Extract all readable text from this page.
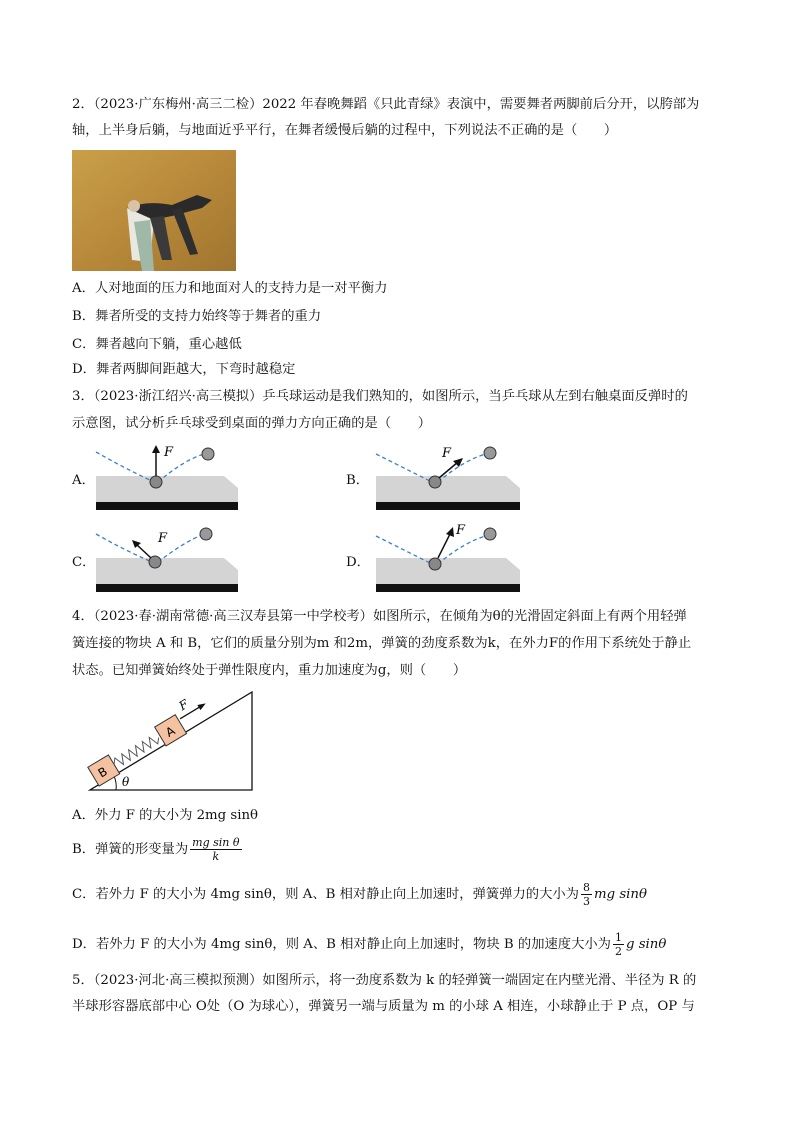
2．（2023·广东梅州·高三二检）2022 年春晚舞蹈《只此青绿》表演中，需要舞者两脚前后分开，以胯部为
轴，上半身后躺，与地面近乎平行，在舞者缓慢后躺的过程中，下列说法不正确的是（　　）
A．人对地面的压力和地面对人的支持力是一对平衡力
B．舞者所受的支持力始终等于舞者的重力
C．舞者越向下躺，重心越低
D．舞者两脚间距越大，下弯时越稳定
3．（2023·浙江绍兴·高三模拟）乒乓球运动是我们熟知的，如图所示，当乒乓球从左到右触桌面反弹时的
示意图，试分析乒乓球受到桌面的弹力方向正确的是（　　）
A．	B．
C．	D．
F	F
F
F
4．（2023·春·湖南常德·高三汉寿县第一中学校考）如图所示，在倾角为θ的光滑固定斜面上有两个用轻弹
簧连接的物块 A 和 B，它们的质量分别为m 和2m，弹簧的劲度系数为k，在外力F的作用下系统处于静止
状态。已知弹簧始终处于弹性限度内，重力加速度为g，则（　　）
θ
B
A
F
A．外力 F 的大小为 2mg sinθ
B．弹簧的形变量为 $\frac{\text{mg sin θ}}{k}$
C．若外力 F 的大小为 4mg sinθ，则 A、B 相对静止向上加速时，弹簧弹力的大小为 $\frac{8}{3}$ mg sinθ
D．若外力 F 的大小为 4mg sinθ，则 A、B 相对静止向上加速时，物块 B 的加速度大小为 $\frac{1}{2}$ g sinθ
5．（2023·河北·高三模拟预测）如图所示，将一劲度系数为 k 的轻弹簧一端固定在内壁光滑、半径为 R 的
半球形容器底部中心 O处（O 为球心），弹簧另一端与质量为 m 的小球 A 相连，小球静止于 P 点，OP 与
